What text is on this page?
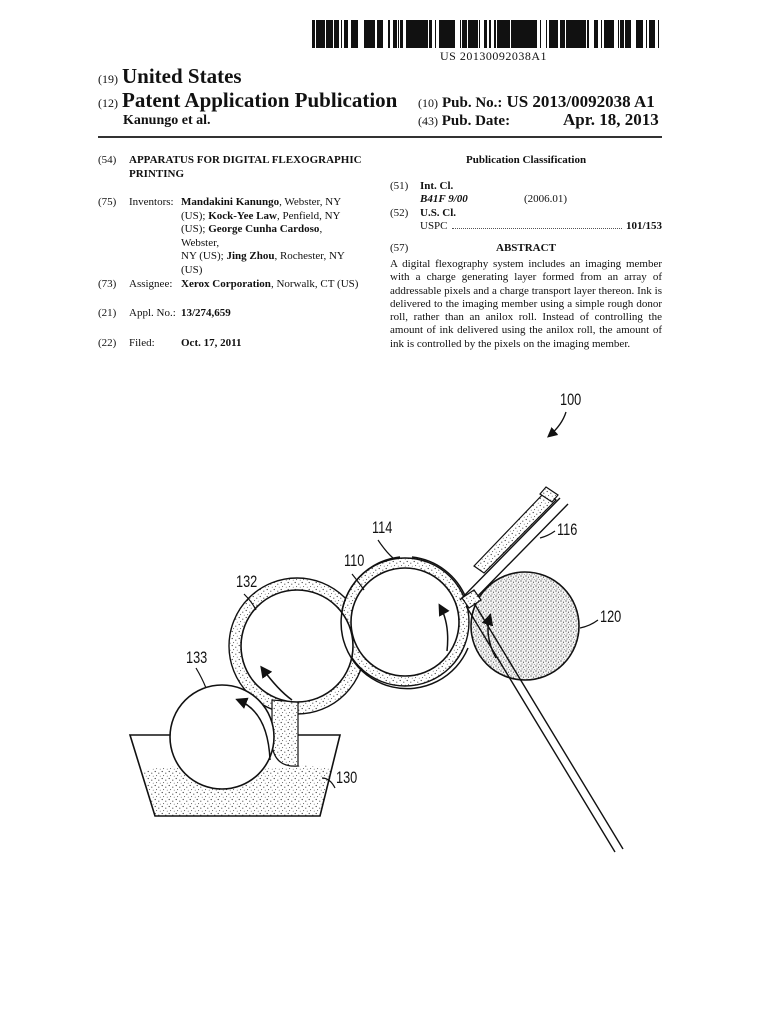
US 20130092038A1
(19) United States
(12) Patent Application Publication
Kanungo et al.
(10) Pub. No.: US 2013/0092038 A1
(43) Pub. Date:	Apr. 18, 2013
(54) APPARATUS FOR DIGITAL FLEXOGRAPHIC
PRINTING
(75) Inventors: Mandakini Kanungo, Webster, NY
(US); Kock-Yee Law, Penfield, NY
(US); George Cunha Cardoso, Webster,
NY (US); Jing Zhou, Rochester, NY
(US)
(73) Assignee: Xerox Corporation, Norwalk, CT (US)
(21) Appl. No.: 13/274,659
(22) Filed: Oct. 17, 2011
Publication Classification
(51) Int. Cl.
B41F 9/00	(2006.01)
(52) U.S. Cl.
USPC	101/153
(57)	ABSTRACT
A digital flexography system includes an imaging member with a charge generating layer formed from an array of addressable pixels and a charge transport layer thereon. Ink is delivered to the imaging member using a simple rough donor roll, rather than an anilox roll. Instead of controlling the amount of ink delivered using the anilox roll, the amount of ink is controlled by the pixels on the imaging member.
100
114	116
110
132
120
133
130
